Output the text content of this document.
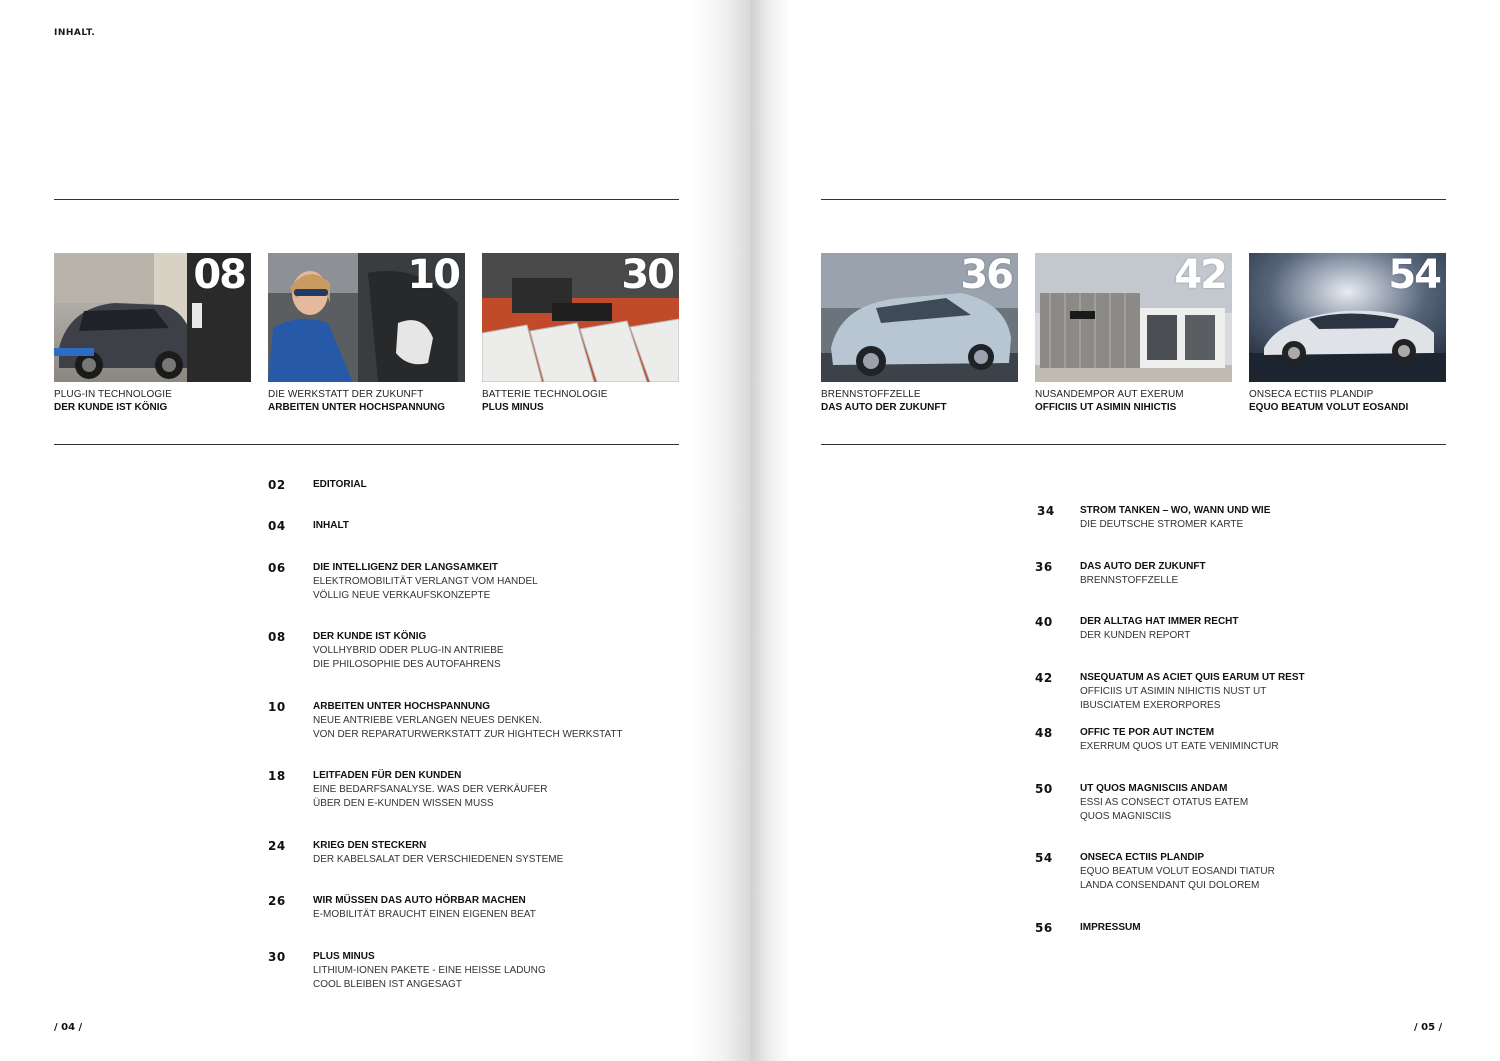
INHALT.
08
PLUG-IN TECHNOLOGIE
DER KUNDE IST KÖNIG
10
DIE WERKSTATT DER ZUKUNFT
ARBEITEN UNTER HOCHSPANNUNG
30
BATTERIE TECHNOLOGIE
PLUS MINUS
36
BRENNSTOFFZELLE
DAS AUTO DER ZUKUNFT
42
NUSANDEMPOR AUT EXERUM
OFFICIIS UT ASIMIN NIHICTIS
54
ONSECA ECTIIS PLANDIP
EQUO BEATUM VOLUT EOSANDI
02	EDITORIAL
04	INHALT
06	DIE INTELLIGENZ DER LANGSAMKEIT
ELEKTROMOBILITÄT VERLANGT VOM HANDEL
VÖLLIG NEUE VERKAUFSKONZEPTE
08	DER KUNDE IST KÖNIG
VOLLHYBRID ODER PLUG-IN ANTRIEBE
DIE PHILOSOPHIE DES AUTOFAHRENS
10	ARBEITEN UNTER HOCHSPANNUNG
NEUE ANTRIEBE VERLANGEN NEUES DENKEN.
VON DER REPARATURWERKSTATT ZUR HIGHTECH WERKSTATT
18	LEITFADEN FÜR DEN KUNDEN
EINE BEDARFSANALYSE. WAS DER VERKÄUFER
ÜBER DEN E-KUNDEN WISSEN MUSS
24	KRIEG DEN STECKERN
DER KABELSALAT DER VERSCHIEDENEN SYSTEME
26	WIR MÜSSEN DAS AUTO HÖRBAR MACHEN
E-MOBILITÄT BRAUCHT EINEN EIGENEN BEAT
30	PLUS MINUS
LITHIUM-IONEN PAKETE - EINE HEISSE LADUNG
COOL BLEIBEN IST ANGESAGT
34	STROM TANKEN – WO, WANN UND WIE
DIE DEUTSCHE STROMER KARTE
36	DAS AUTO DER ZUKUNFT
BRENNSTOFFZELLE
40	DER ALLTAG HAT IMMER RECHT
DER KUNDEN REPORT
42	NSEQUATUM AS ACIET QUIS EARUM UT REST
OFFICIIS UT ASIMIN NIHICTIS NUST UT
IBUSCIATEM EXERORPORES
48	OFFIC TE POR AUT INCTEM
EXERRUM QUOS UT EATE VENIMINCTUR
50	UT QUOS MAGNISCIIS ANDAM
ESSI AS CONSECT OTATUS EATEM
QUOS MAGNISCIIS
54	ONSECA ECTIIS PLANDIP
EQUO BEATUM VOLUT EOSANDI TIATUR
LANDA CONSENDANT QUI DOLOREM
56	IMPRESSUM
/ 04 /	/ 05 /
